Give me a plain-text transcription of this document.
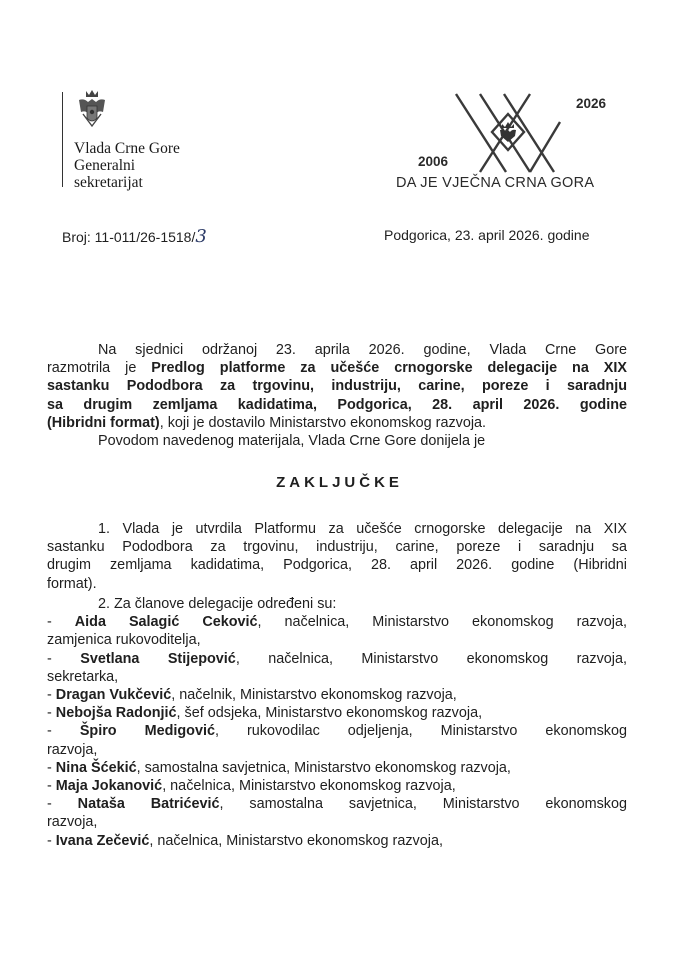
Vlada Crne Gore
Generalni
sekretarijat
2026
2006
DA JE VJEČNA CRNA GORA
Broj: 11-011/26-1518/3	Podgorica, 23. april 2026. godine

Na sjednici održanoj 23. aprila 2026. godine, Vlada Crne Gore

razmotrila je Predlog platforme za učešće crnogorske delegacije na XIX

sastanku Pododbora za trgovinu, industriju, carine, poreze i saradnju

sa drugim zemljama kadidatima, Podgorica, 28. april 2026. godine

(Hibridni format), koji je dostavilo Ministarstvo ekonomskog razvoja.

Povodom navedenog materijala, Vlada Crne Gore donijela je

ZAKLJUČKE

1. Vlada je utvrdila Platformu za učešće crnogorske delegacije na XIX

sastanku Pododbora za trgovinu, industriju, carine, poreze i saradnju sa

drugim zemljama kadidatima, Podgorica, 28. april 2026. godine (Hibridni

format).

2. Za članove delegacije određeni su:

- Aida Salagić Ceković, načelnica, Ministarstvo ekonomskog razvoja,

zamjenica rukovoditelja,

- Svetlana Stijepović, načelnica, Ministarstvo ekonomskog razvoja,

sekretarka,

- Dragan Vukčević, načelnik, Ministarstvo ekonomskog razvoja,

- Nebojša Radonjić, šef odsjeka, Ministarstvo ekonomskog razvoja,

- Špiro Medigović, rukovodilac odjeljenja, Ministarstvo ekonomskog

razvoja,

- Nina Šćekić, samostalna savjetnica, Ministarstvo ekonomskog razvoja,

- Maja Jokanović, načelnica, Ministarstvo ekonomskog razvoja,

- Nataša Batrićević, samostalna savjetnica, Ministarstvo ekonomskog

razvoja,

- Ivana Zečević, načelnica, Ministarstvo ekonomskog razvoja,
